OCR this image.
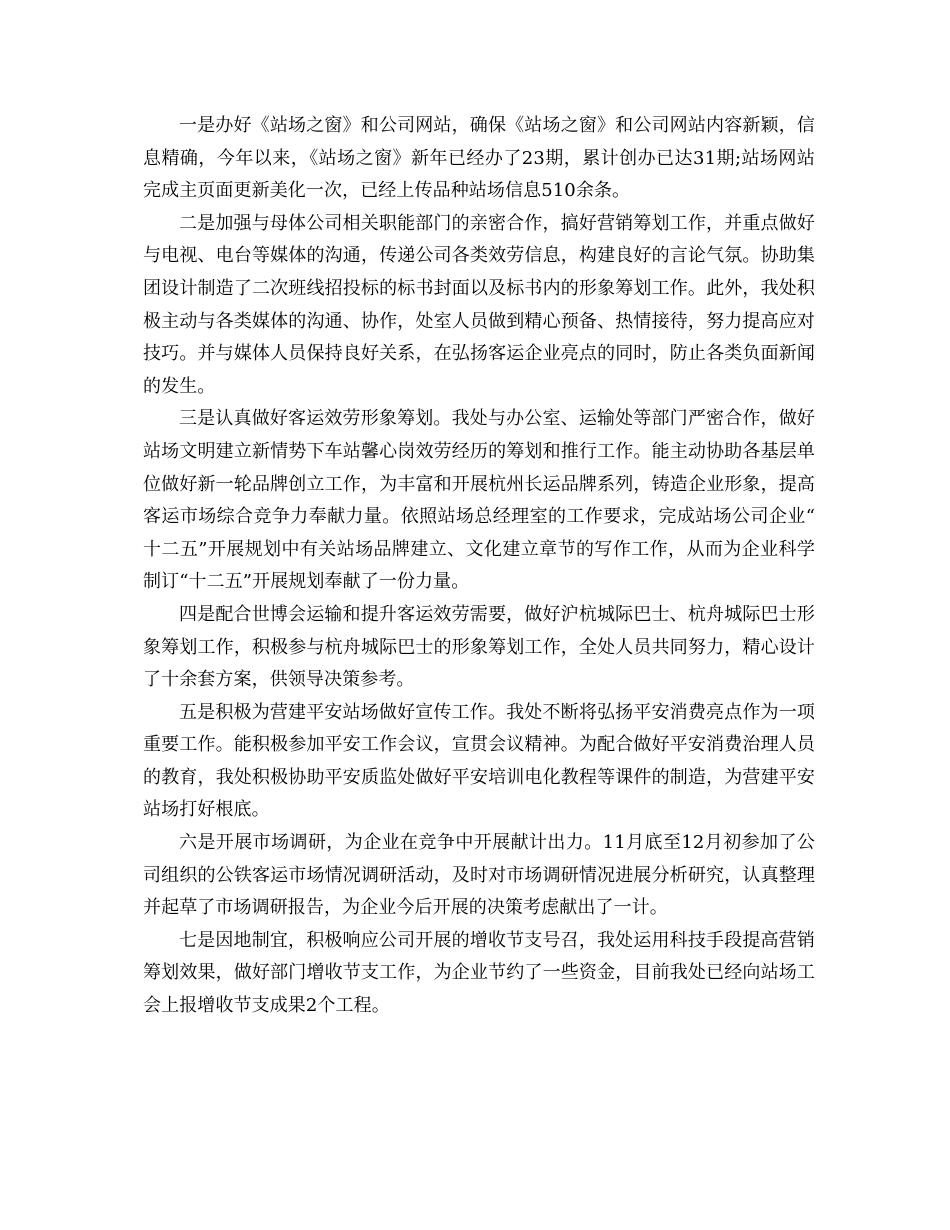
一是办好《站场之窗》和公司网站，确保《站场之窗》和公司网站内容新颖，信息精确，今年以来，《站场之窗》新年已经办了23期，累计创办已达31期;站场网站完成主页面更新美化一次，已经上传品种站场信息510余条。

二是加强与母体公司相关职能部门的亲密合作，搞好营销筹划工作，并重点做好与电视、电台等媒体的沟通，传递公司各类效劳信息，构建良好的言论气氛。协助集团设计制造了二次班线招投标的标书封面以及标书内的形象筹划工作。此外，我处积极主动与各类媒体的沟通、协作，处室人员做到精心预备、热情接待，努力提高应对技巧。并与媒体人员保持良好关系，在弘扬客运企业亮点的同时，防止各类负面新闻的发生。

三是认真做好客运效劳形象筹划。我处与办公室、运输处等部门严密合作，做好站场文明建立新情势下车站馨心岗效劳经历的筹划和推行工作。能主动协助各基层单位做好新一轮品牌创立工作，为丰富和开展杭州长运品牌系列，铸造企业形象，提高客运市场综合竞争力奉献力量。依照站场总经理室的工作要求，完成站场公司企业“十二五”开展规划中有关站场品牌建立、文化建立章节的写作工作，从而为企业科学制订“十二五”开展规划奉献了一份力量。

四是配合世博会运输和提升客运效劳需要，做好沪杭城际巴士、杭舟城际巴士形象筹划工作，积极参与杭舟城际巴士的形象筹划工作，全处人员共同努力，精心设计了十余套方案，供领导决策参考。

五是积极为营建平安站场做好宣传工作。我处不断将弘扬平安消费亮点作为一项重要工作。能积极参加平安工作会议，宣贯会议精神。为配合做好平安消费治理人员的教育，我处积极协助平安质监处做好平安培训电化教程等课件的制造，为营建平安站场打好根底。

六是开展市场调研，为企业在竞争中开展献计出力。11月底至12月初参加了公司组织的公铁客运市场情况调研活动，及时对市场调研情况进展分析研究，认真整理并起草了市场调研报告，为企业今后开展的决策考虑献出了一计。

七是因地制宜，积极响应公司开展的增收节支号召，我处运用科技手段提高营销筹划效果，做好部门增收节支工作，为企业节约了一些资金，目前我处已经向站场工会上报增收节支成果2个工程。
